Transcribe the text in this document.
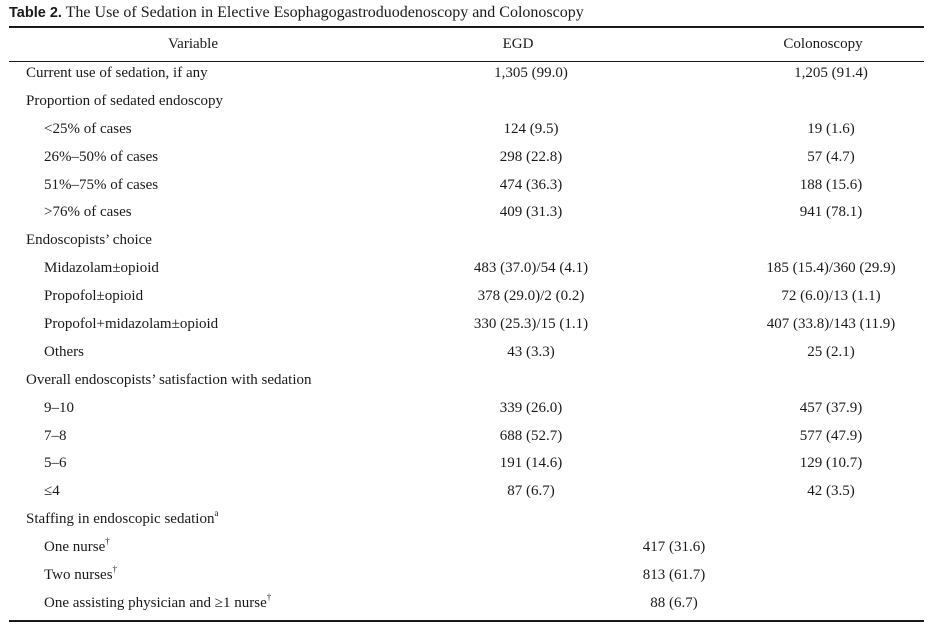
Table 2. The Use of Sedation in Elective Esophagogastroduodenoscopy and Colonoscopy
Variable	EGD	Colonoscopy
Current use of sedation, if any	1,305 (99.0)	1,205 (91.4)
Proportion of sedated endoscopy
<25% of cases	124 (9.5)	19 (1.6)
26%–50% of cases	298 (22.8)	57 (4.7)
51%–75% of cases	474 (36.3)	188 (15.6)
>76% of cases	409 (31.3)	941 (78.1)
Endoscopists’ choice
Midazolam±opioid	483 (37.0)/54 (4.1)	185 (15.4)/360 (29.9)
Propofol±opioid	378 (29.0)/2 (0.2)	72 (6.0)/13 (1.1)
Propofol+midazolam±opioid	330 (25.3)/15 (1.1)	407 (33.8)/143 (11.9)
Others	43 (3.3)	25 (2.1)
Overall endoscopists’ satisfaction with sedation
9–10	339 (26.0)	457 (37.9)
7–8	688 (52.7)	577 (47.9)
5–6	191 (14.6)	129 (10.7)
≤4	87 (6.7)	42 (3.5)
Staffing in endoscopic sedation$^a$
One nurse†	417 (31.6)
Two nurses†	813 (61.7)
One assisting physician and ≥1 nurse†	88 (6.7)
